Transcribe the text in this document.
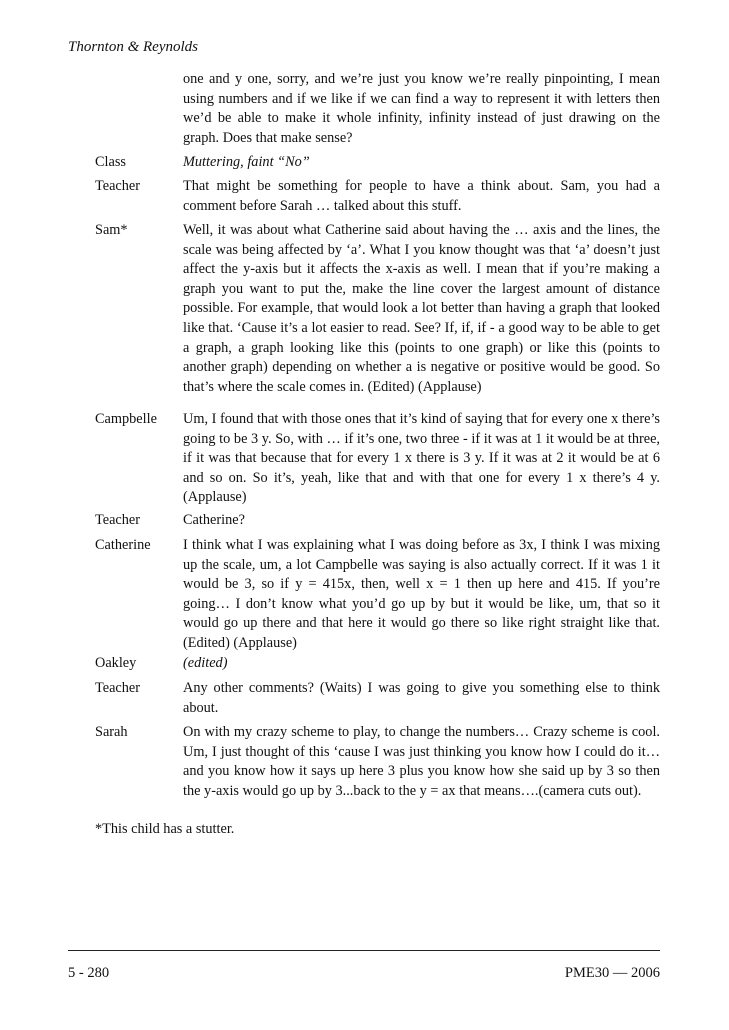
Thornton & Reynolds
one and y one, sorry, and we’re just you know we’re really pinpointing, I mean using numbers and if we like if we can find a way to represent it with letters then we’d be able to make it whole infinity, infinity instead of just drawing on the graph. Does that make sense?
Class	Muttering, faint “No”
Teacher	That might be something for people to have a think about. Sam, you had a comment before Sarah … talked about this stuff.
Sam*	Well, it was about what Catherine said about having the … axis and the lines, the scale was being affected by ‘a’. What I you know thought was that ‘a’ doesn’t just affect the y-axis but it affects the x-axis as well. I mean that if you’re making a graph you want to put the, make the line cover the largest amount of distance possible. For example, that would look a lot better than having a graph that looked like that. ‘Cause it’s a lot easier to read. See? If, if, if - a good way to be able to get a graph, a graph looking like this (points to one graph) or like this (points to another graph) depending on whether a is negative or positive would be good. So that’s where the scale comes in. (Edited) (Applause)
Campbelle	Um, I found that with those ones that it’s kind of saying that for every one x there’s going to be 3 y. So, with … if it’s one, two three - if it was at 1 it would be at three, if it was that because that for every 1 x there is 3 y. If it was at 2 it would be at 6 and so on. So it’s, yeah, like that and with that one for every 1 x there’s 4 y. (Applause)
Teacher	Catherine?
Catherine	I think what I was explaining what I was doing before as 3x, I think I was mixing up the scale, um, a lot Campbelle was saying is also actually correct. If it was 1 it would be 3, so if y = 415x, then, well x = 1 then up here and 415. If you’re going… I don’t know what you’d go up by but it would be like, um, that so it would go up there and that here it would go there so like right straight like that. (Edited) (Applause)
Oakley	(edited)
Teacher	Any other comments? (Waits) I was going to give you something else to think about.
Sarah	On with my crazy scheme to play, to change the numbers… Crazy scheme is cool. Um, I just thought of this ‘cause I was just thinking you know how I could do it…and you know how it says up here 3 plus you know how she said up by 3 so then the y-axis would go up by 3...back to the y = ax that means….(camera cuts out).
*This child has a stutter.
5 - 280	PME30 — 2006
